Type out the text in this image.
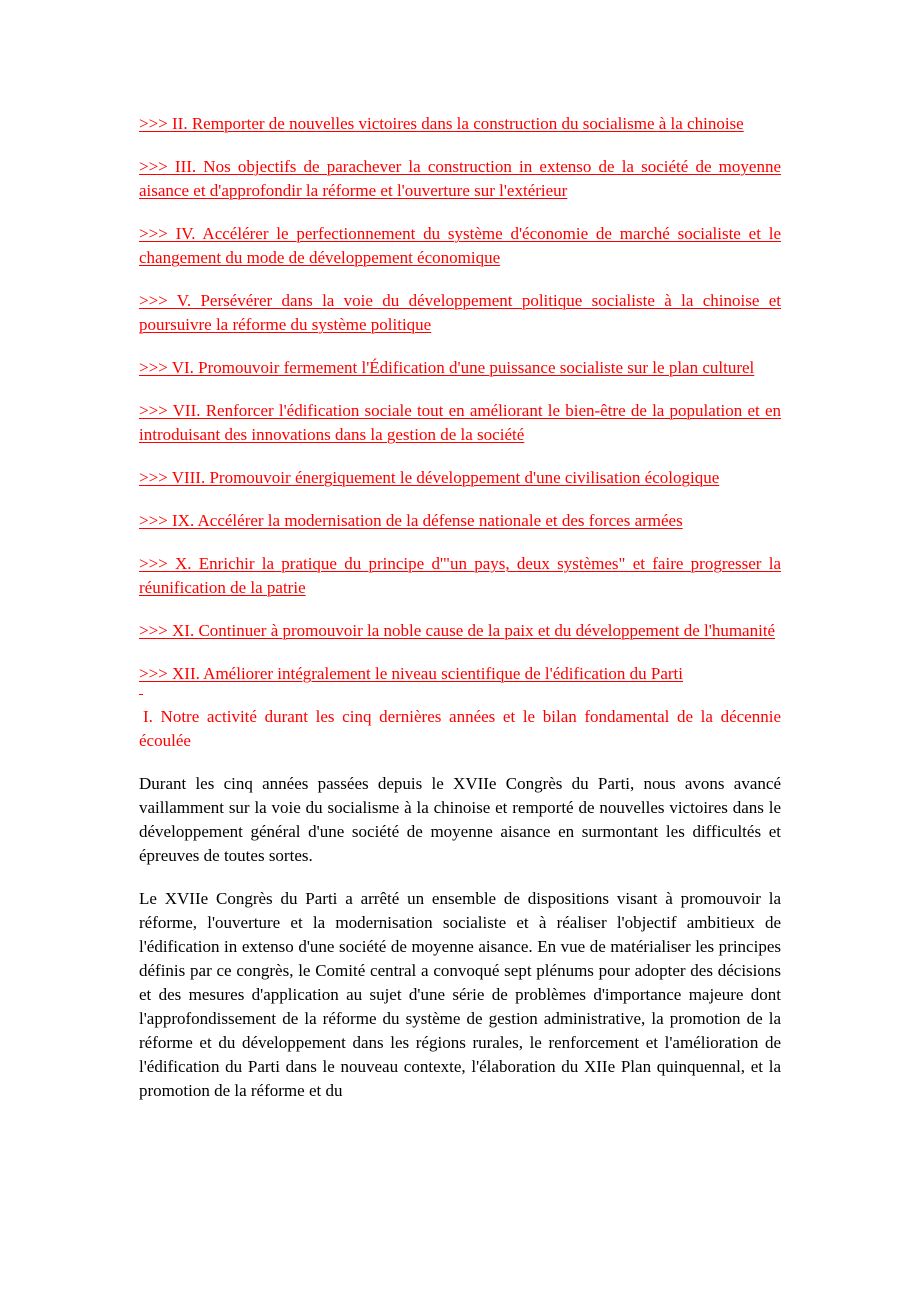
>>> II. Remporter de nouvelles victoires dans la construction du socialisme à la chinoise
>>> III. Nos objectifs de parachever la construction in extenso de la société de moyenne aisance et d'approfondir la réforme et l'ouverture sur l'extérieur
>>> IV. Accélérer le perfectionnement du système d'économie de marché socialiste et le changement du mode de développement économique
>>> V. Persévérer dans la voie du développement politique socialiste à la chinoise et poursuivre la réforme du système politique
>>> VI. Promouvoir fermement l'Édification d'une puissance socialiste sur le plan culturel
>>> VII. Renforcer l'édification sociale tout en améliorant le bien-être de la population et en introduisant des innovations dans la gestion de la société
>>> VIII. Promouvoir énergiquement le développement d'une civilisation écologique
>>> IX. Accélérer la modernisation de la défense nationale et des forces armées
>>> X. Enrichir la pratique du principe d'"un pays, deux systèmes" et faire progresser la réunification de la patrie
>>> XI. Continuer à promouvoir la noble cause de la paix et du développement de l'humanité
>>> XII. Améliorer intégralement le niveau scientifique de l'édification du Parti
I. Notre activité durant les cinq dernières années et le bilan fondamental de la décennie écoulée

Durant les cinq années passées depuis le XVIIe Congrès du Parti, nous avons avancé vaillamment sur la voie du socialisme à la chinoise et remporté de nouvelles victoires dans le développement général d'une société de moyenne aisance en surmontant les difficultés et épreuves de toutes sortes.

Le XVIIe Congrès du Parti a arrêté un ensemble de dispositions visant à promouvoir la réforme, l'ouverture et la modernisation socialiste et à réaliser l'objectif ambitieux de l'édification in extenso d'une société de moyenne aisance. En vue de matérialiser les principes définis par ce congrès, le Comité central a convoqué sept plénums pour adopter des décisions et des mesures d'application au sujet d'une série de problèmes d'importance majeure dont l'approfondissement de la réforme du système de gestion administrative, la promotion de la réforme et du développement dans les régions rurales, le renforcement et l'amélioration de l'édification du Parti dans le nouveau contexte, l'élaboration du XIIe Plan quinquennal, et la promotion de la réforme et du
